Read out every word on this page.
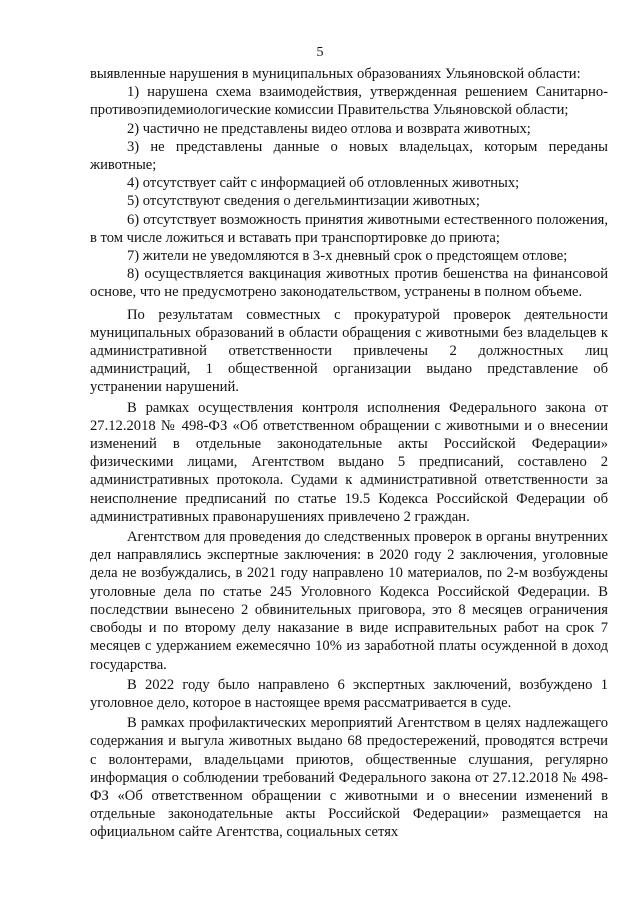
5

выявленные нарушения в муниципальных образованиях Ульяновской области:

1) нарушена схема взаимодействия, утвержденная решением Санитарно-противоэпидемиологические комиссии Правительства Ульяновской области;

2) частично не представлены видео отлова и возврата животных;

3) не представлены данные о новых владельцах, которым переданы животные;

4) отсутствует сайт с информацией об отловленных животных;

5) отсутствуют сведения о дегельминтизации животных;

6) отсутствует возможность принятия животными естественного положения, в том числе ложиться и вставать при транспортировке до приюта;

7) жители не уведомляются в 3-х дневный срок о предстоящем отлове;

8) осуществляется вакцинация животных против бешенства на финансовой основе, что не предусмотрено законодательством, устранены в полном объеме.

По результатам совместных с прокуратурой проверок деятельности муниципальных образований в области обращения с животными без владельцев к административной ответственности привлечены 2 должностных лиц администраций, 1 общественной организации выдано представление об устранении нарушений.

В рамках осуществления контроля исполнения Федерального закона от 27.12.2018 № 498-ФЗ «Об ответственном обращении с животными и о внесении изменений в отдельные законодательные акты Российской Федерации» физическими лицами, Агентством выдано 5 предписаний, составлено 2 административных протокола. Судами к административной ответственности за неисполнение предписаний по статье 19.5 Кодекса Российской Федерации об административных правонарушениях привлечено 2 граждан.

Агентством для проведения до следственных проверок в органы внутренних дел направлялись экспертные заключения: в 2020 году 2 заключения, уголовные дела не возбуждались, в 2021 году направлено 10 материалов, по 2-м возбуждены уголовные дела по статье 245 Уголовного Кодекса Российской Федерации. В последствии вынесено 2 обвинительных приговора, это 8 месяцев ограничения свободы и по второму делу наказание в виде исправительных работ на срок 7 месяцев с удержанием ежемесячно 10% из заработной платы осужденной в доход государства.

В 2022 году было направлено 6 экспертных заключений, возбуждено 1 уголовное дело, которое в настоящее время рассматривается в суде.

В рамках профилактических мероприятий Агентством в целях надлежащего содержания и выгула животных выдано 68 предостережений, проводятся встречи с волонтерами, владельцами приютов, общественные слушания, регулярно информация о соблюдении требований Федерального закона от 27.12.2018 № 498-ФЗ «Об ответственном обращении с животными и о внесении изменений в отдельные законодательные акты Российской Федерации» размещается на официальном сайте Агентства, социальных сетях
